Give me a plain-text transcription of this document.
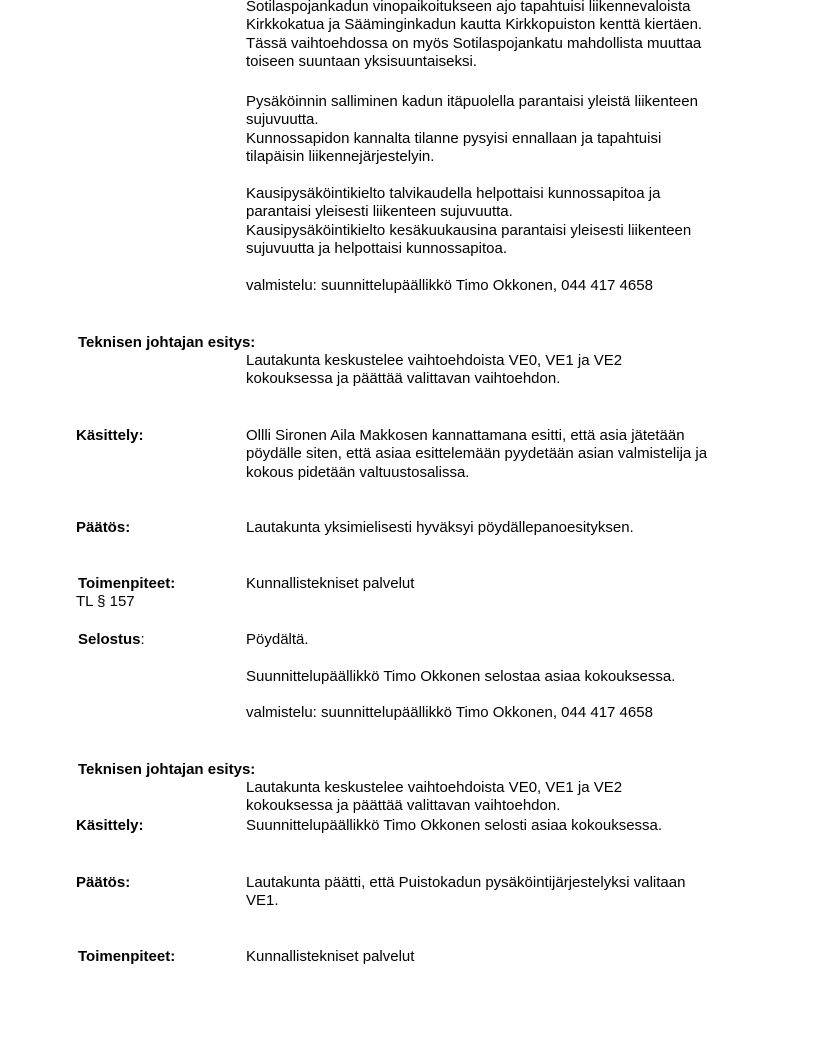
Sotilaspojankadun vinopaikoitukseen ajo tapahtuisi liikennevaloista
Kirkkokatua ja Sääminginkadun kautta Kirkkopuiston kenttä kiertäen.
Tässä vaihtoehdossa on myös Sotilaspojankatu mahdollista muuttaa
toiseen suuntaan yksisuuntaiseksi.
Pysäköinnin salliminen kadun itäpuolella parantaisi yleistä liikenteen
sujuvuutta.
Kunnossapidon kannalta tilanne pysyisi ennallaan ja tapahtuisi
tilapäisin liikennejärjestelyin.
Kausipysäköintikielto talvikaudella helpottaisi kunnossapitoa ja
parantaisi yleisesti liikenteen sujuvuutta.
Kausipysäköintikielto kesäkuukausina parantaisi yleisesti liikenteen
sujuvuutta ja helpottaisi kunnossapitoa.
valmistelu: suunnittelupäällikkö Timo Okkonen, 044 417 4658
Teknisen johtajan esitys:
Lautakunta keskustelee vaihtoehdoista VE0, VE1 ja VE2
kokouksessa ja päättää valittavan vaihtoehdon.
Käsittely:	Ollli Sironen Aila Makkosen kannattamana esitti, että asia jätetään
pöydälle siten, että asiaa esittelemään pyydetään asian valmistelija ja
kokous pidetään valtuustosalissa.
Päätös:	Lautakunta yksimielisesti hyväksyi pöydällepanoesityksen.
Toimenpiteet:	Kunnallistekniset palvelut
TL § 157
Selostus:	Pöydältä.
Suunnittelupäällikkö Timo Okkonen selostaa asiaa kokouksessa.
valmistelu: suunnittelupäällikkö Timo Okkonen, 044 417 4658
Teknisen johtajan esitys:
Lautakunta keskustelee vaihtoehdoista VE0, VE1 ja VE2
kokouksessa ja päättää valittavan vaihtoehdon.
Käsittely:	Suunnittelupäällikkö Timo Okkonen selosti asiaa kokouksessa.
Päätös:	Lautakunta päätti, että Puistokadun pysäköintijärjestelyksi valitaan
VE1.
Toimenpiteet:	Kunnallistekniset palvelut
